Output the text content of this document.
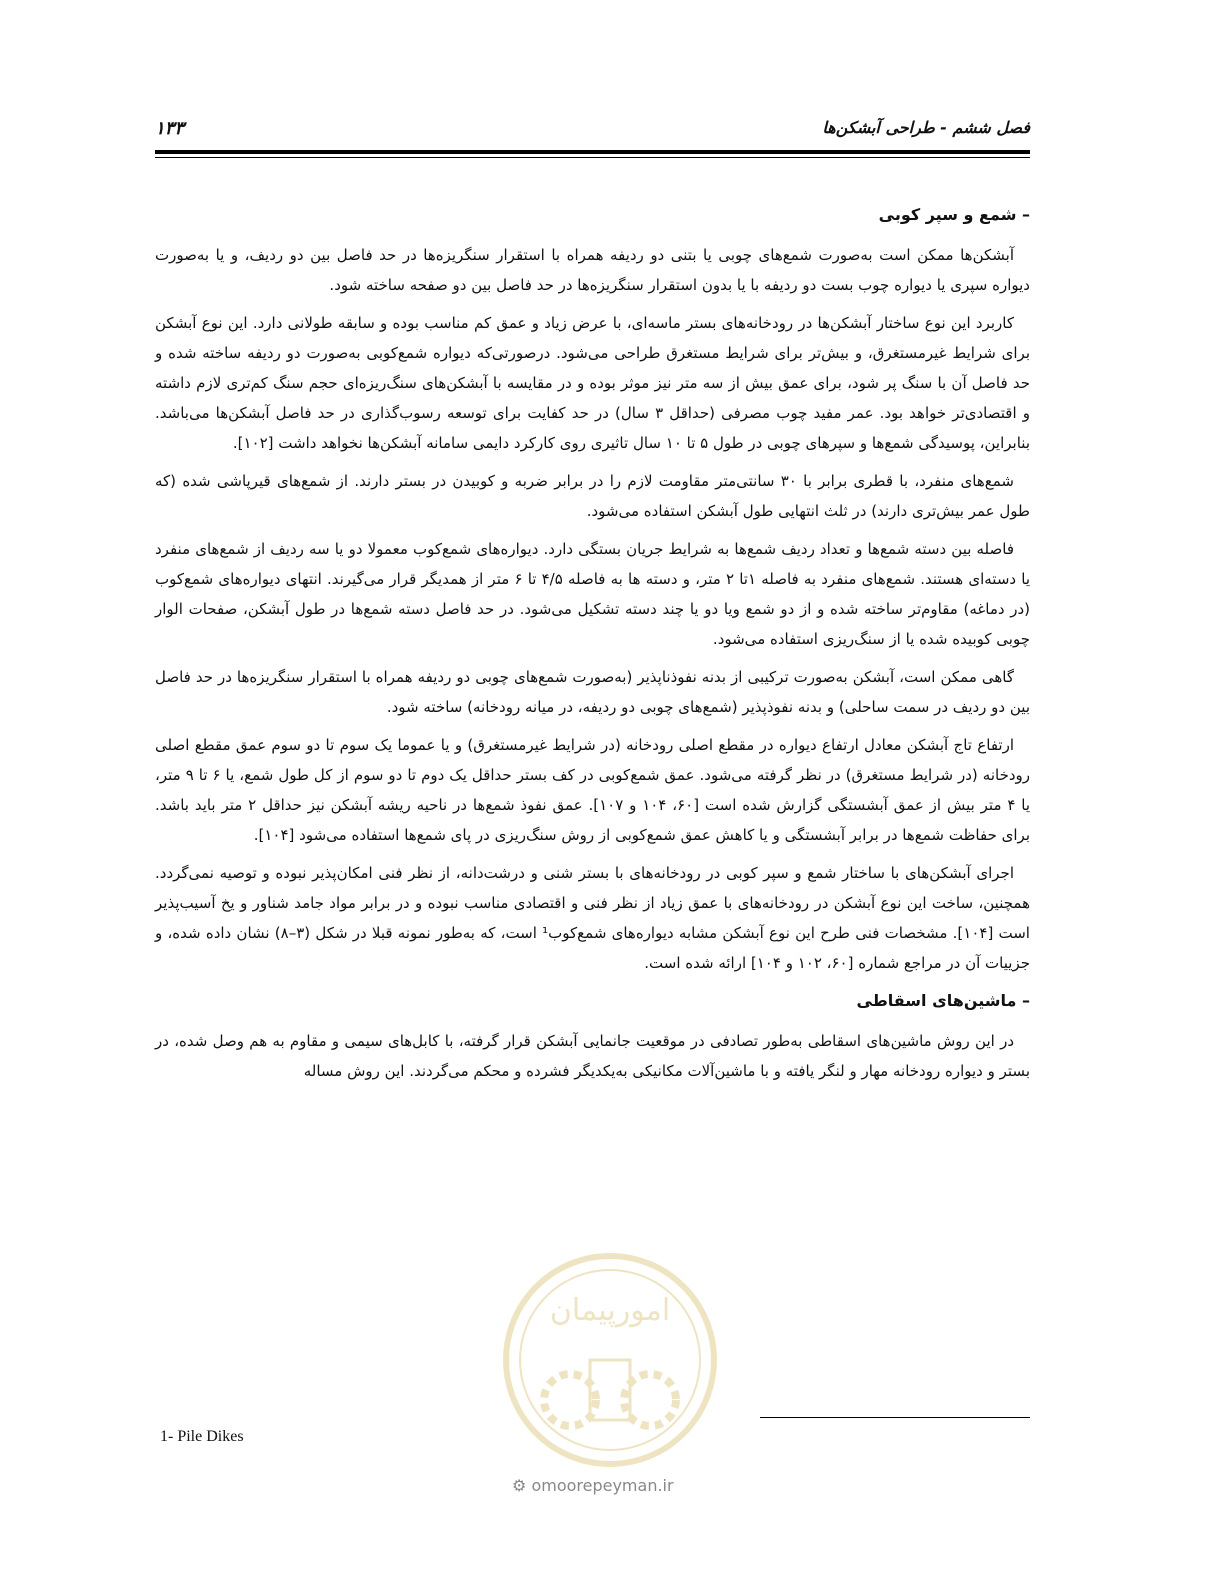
فصل ششم - طراحی آبشکن‌ها
۱۳۳
– شمع و سپر کوبی

آبشکن‌ها ممکن است به‌صورت شمع‌های چوبی یا بتنی دو ردیفه همراه با استقرار سنگریزه‌ها در حد فاصل بین دو ردیف، و یا به‌صورت دیواره سپری یا دیواره چوب بست دو ردیفه با یا بدون استقرار سنگریزه‌ها در حد فاصل بین دو صفحه ساخته شود.

کاربرد این نوع ساختار آبشکن‌ها در رودخانه‌های بستر ماسه‌ای، با عرض زیاد و عمق کم مناسب بوده و سابقه طولانی دارد. این نوع آبشکن برای شرایط غیرمستغرق، و بیش‌تر برای شرایط مستغرق طراحی می‌شود. درصورتی‌که دیواره شمع‌کوبی به‌صورت دو ردیفه ساخته شده و حد فاصل آن با سنگ پر شود، برای عمق بیش از سه متر نیز موثر بوده و در مقایسه با آبشکن‌های سنگ‌ریزه‌ای حجم سنگ کم‌تری لازم داشته و اقتصادی‌تر خواهد بود. عمر مفید چوب مصرفی (حداقل ۳ سال) در حد کفایت برای توسعه رسوب‌گذاری در حد فاصل آبشکن‌ها می‌باشد. بنابراین، پوسیدگی شمع‌ها و سپرهای چوبی در طول ۵ تا ۱۰ سال تاثیری روی کارکرد دایمی سامانه آبشکن‌ها نخواهد داشت [۱۰۲].

شمع‌های منفرد، با قطری برابر با ۳۰ سانتی‌متر مقاومت لازم را در برابر ضربه و کوبیدن در بستر دارند. از شمع‌های قیرپاشی شده (که طول عمر بیش‌تری دارند) در ثلث انتهایی طول آبشکن استفاده می‌شود.

فاصله بین دسته شمع‌ها و تعداد ردیف شمع‌ها به شرایط جریان بستگی دارد. دیواره‌های شمع‌کوب معمولا دو یا سه ردیف از شمع‌های منفرد یا دسته‌ای هستند. شمع‌های منفرد به فاصله ۱تا ۲ متر، و دسته ها به فاصله ۴/۵ تا ۶ متر از همدیگر قرار می‌گیرند. انتهای دیواره‌های شمع‌کوب (در دماغه) مقاوم‌تر ساخته شده و از دو شمع ویا دو یا چند دسته تشکیل می‌شود. در حد فاصل دسته شمع‌ها در طول آبشکن، صفحات الوار چوبی کوبیده شده یا از سنگ‌ریزی استفاده می‌شود.

گاهی ممکن است، آبشکن به‌صورت ترکیبی از بدنه نفوذناپذیر (به‌صورت شمع‌های چوبی دو ردیفه همراه با استقرار سنگریزه‌ها در حد فاصل بین دو ردیف در سمت ساحلی) و بدنه نفوذپذیر (شمع‌های چوبی دو ردیفه، در میانه رودخانه) ساخته شود.

ارتفاع تاج آبشکن معادل ارتفاع دیواره در مقطع اصلی رودخانه (در شرایط غیرمستغرق) و یا عموما یک سوم تا دو سوم عمق مقطع اصلی رودخانه (در شرایط مستغرق) در نظر گرفته می‌شود. عمق شمع‌کوبی در کف بستر حداقل یک دوم تا دو سوم از کل طول شمع، یا ۶ تا ۹ متر، یا ۴ متر بیش از عمق آبشستگی گزارش شده است [۶۰، ۱۰۴ و ۱۰۷]. عمق نفوذ شمع‌ها در ناحیه ریشه آبشکن نیز حداقل ۲ متر باید باشد. برای حفاظت شمع‌ها در برابر آبشستگی و یا کاهش عمق شمع‌کوبی از روش سنگ‌ریزی در پای شمع‌ها استفاده می‌شود [۱۰۴].

اجرای آبشکن‌های با ساختار شمع و سپر کوبی در رودخانه‌های با بستر شنی و درشت‌دانه، از نظر فنی امکان‌پذیر نبوده و توصیه نمی‌گردد. همچنین، ساخت این نوع آبشکن در رودخانه‌های با عمق زیاد از نظر فنی و اقتصادی مناسب نبوده و در برابر مواد جامد شناور و یخ آسیب‌پذیر است [۱۰۴]. مشخصات فنی طرح این نوع آبشکن مشابه دیواره‌های شمع‌کوب¹ است، که به‌طور نمونه قبلا در شکل (۳–۸) نشان داده شده، و جزییات آن در مراجع شماره [۶۰، ۱۰۲ و ۱۰۴] ارائه شده است.

– ماشین‌های اسقاطی

در این روش ماشین‌های اسقاطی به‌طور تصادفی در موقعیت جانمایی آبشکن قرار گرفته، با کابل‌های سیمی و مقاوم به هم وصل شده، در بستر و دیواره رودخانه مهار و لنگر یافته و با ماشین‌آلات مکانیکی به‌یکدیگر فشرده و محکم می‌گردند. این روش مساله

امورپیمان
⚙ omoorepeyman.ir
1- Pile Dikes
